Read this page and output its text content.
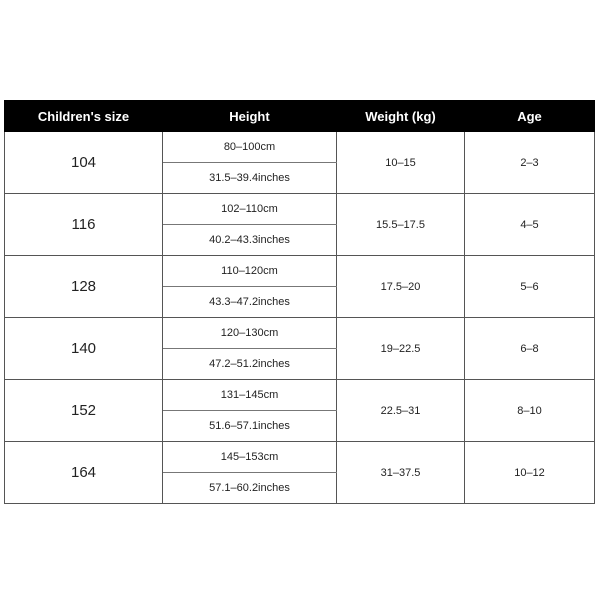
Children's size	Height	Weight (kg)	Age
104	80–100cm	10–15	2–3
	31.5–39.4inches		
116	102–110cm	15.5–17.5	4–5
	40.2–43.3inches		
128	110–120cm	17.5–20	5–6
	43.3–47.2inches		
140	120–130cm	19–22.5	6–8
	47.2–51.2inches		
152	131–145cm	22.5–31	8–10
	51.6–57.1inches		
164	145–153cm	31–37.5	10–12
	57.1–60.2inches		
